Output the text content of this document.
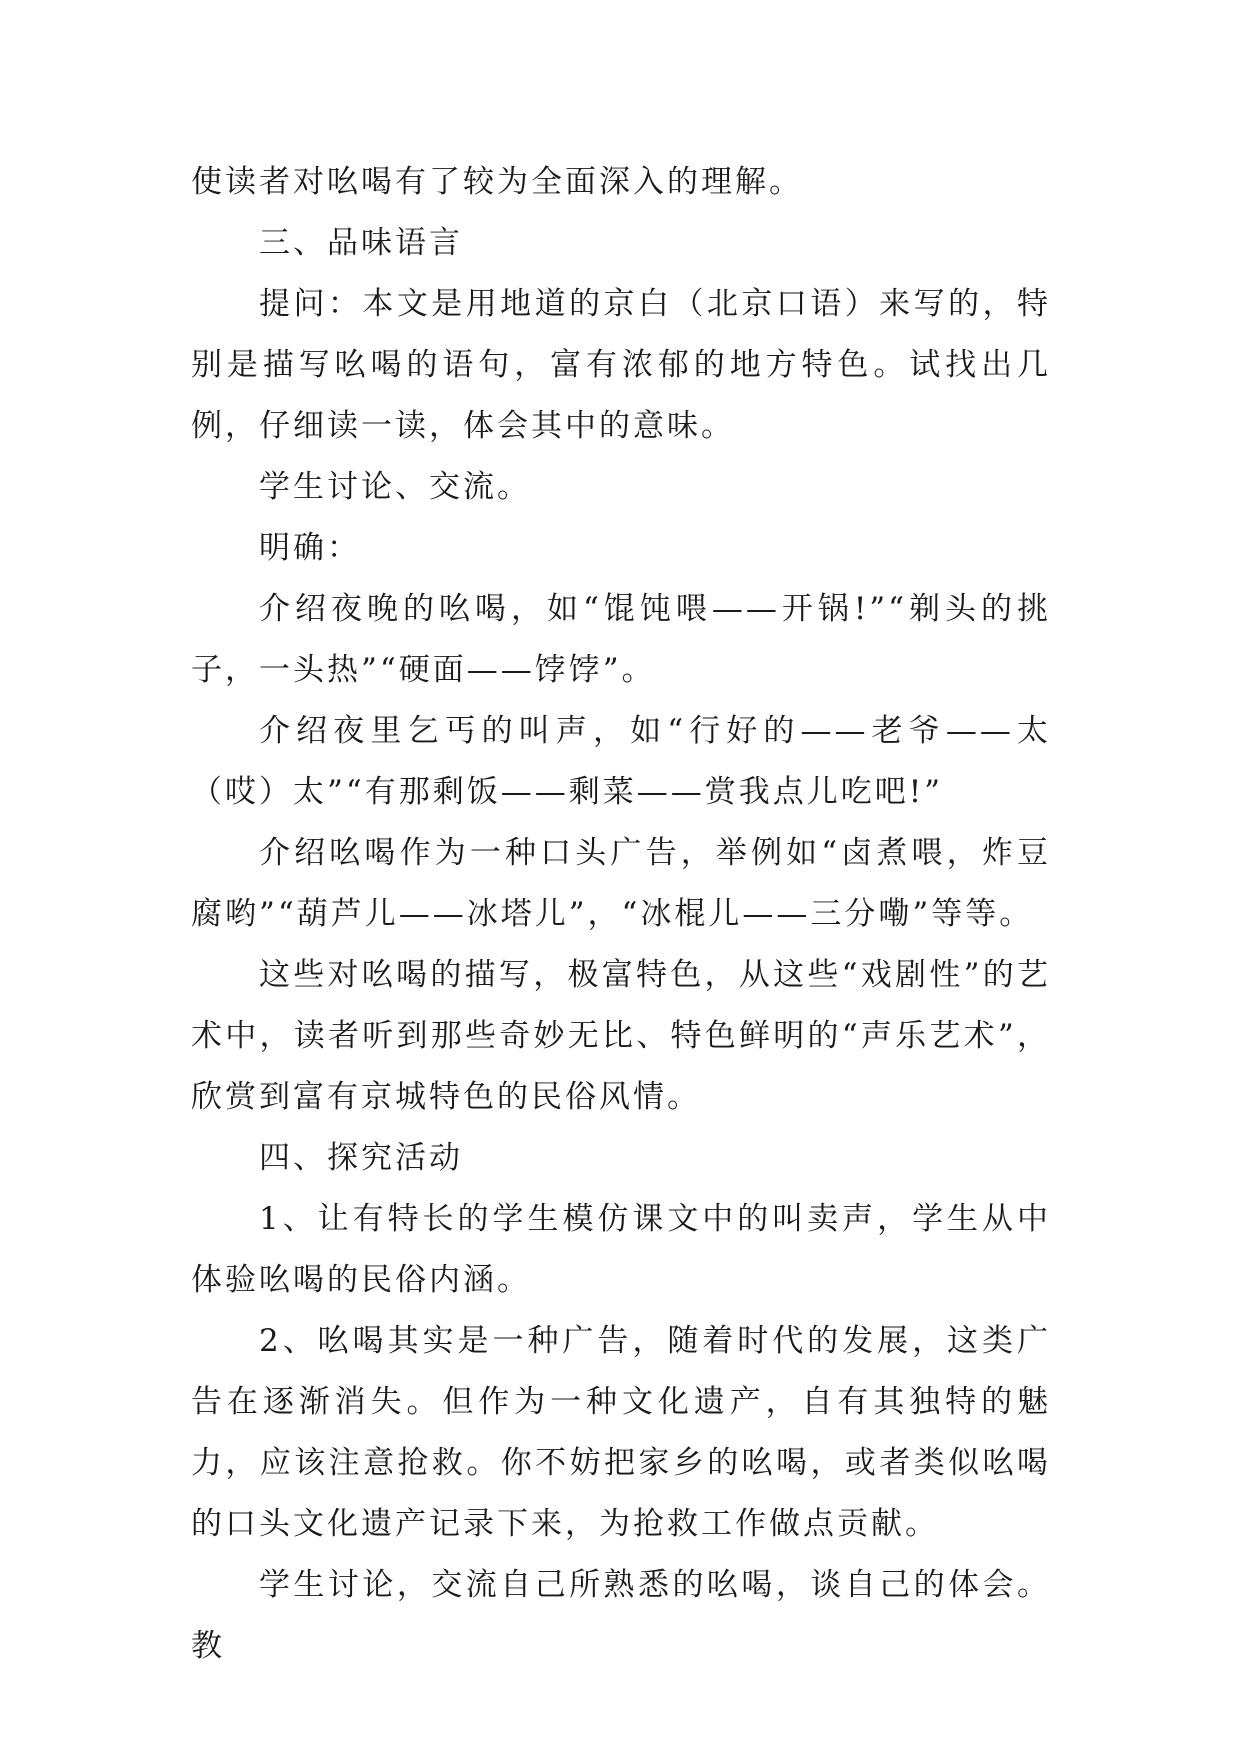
使读者对吆喝有了较为全面深入的理解。

三、品味语言

提问：本文是用地道的京白（北京口语）来写的，特别是描写吆喝的语句，富有浓郁的地方特色。试找出几例，仔细读一读，体会其中的意味。

学生讨论、交流。

明确：

介绍夜晚的吆喝，如“馄饨喂——开锅!”“剃头的挑子，一头热”“硬面——饽饽”。

介绍夜里乞丐的叫声，如“行好的——老爷——太（哎）太”“有那剩饭——剩菜——赏我点儿吃吧!”

介绍吆喝作为一种口头广告，举例如“卤煮喂，炸豆腐哟”“葫芦儿——冰塔儿”，“冰棍儿——三分嘞”等等。

这些对吆喝的描写，极富特色，从这些“戏剧性”的艺术中，读者听到那些奇妙无比、特色鲜明的“声乐艺术”，欣赏到富有京城特色的民俗风情。

四、探究活动

1、让有特长的学生模仿课文中的叫卖声，学生从中体验吆喝的民俗内涵。

2、吆喝其实是一种广告，随着时代的发展，这类广告在逐渐消失。但作为一种文化遗产，自有其独特的魅力，应该注意抢救。你不妨把家乡的吆喝，或者类似吆喝的口头文化遗产记录下来，为抢救工作做点贡献。

学生讨论，交流自己所熟悉的吆喝，谈自己的体会。教
